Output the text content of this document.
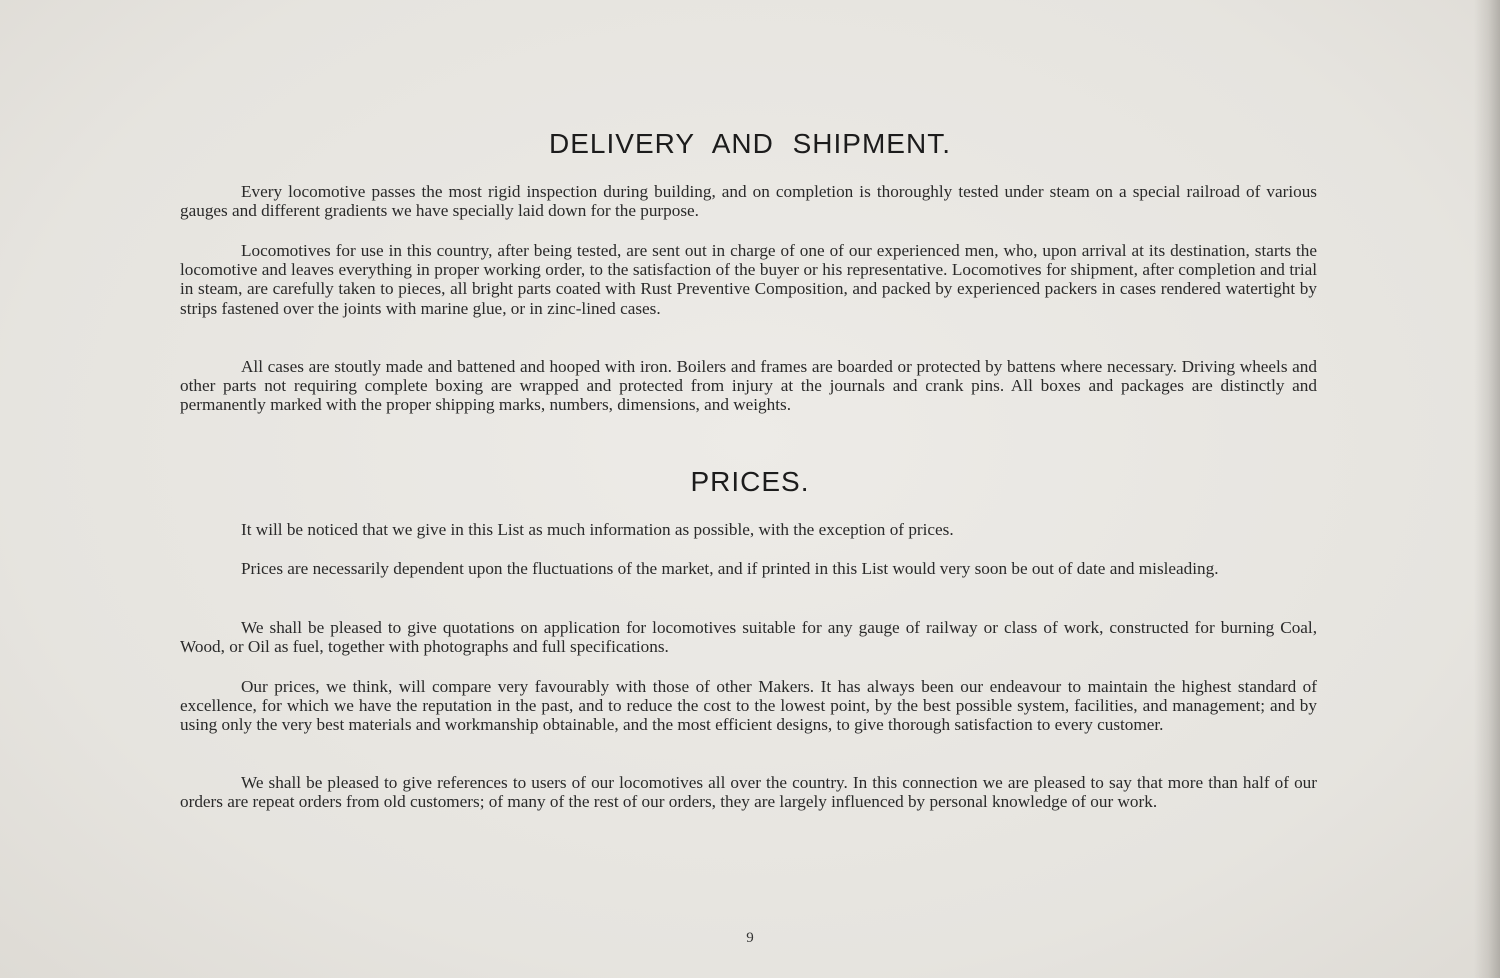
DELIVERY AND SHIPMENT.

Every locomotive passes the most rigid inspection during building, and on completion is thoroughly tested under steam on a special railroad of various gauges and different gradients we have specially laid down for the purpose.

Locomotives for use in this country, after being tested, are sent out in charge of one of our experienced men, who, upon arrival at its destination, starts the locomotive and leaves everything in proper working order, to the satisfaction of the buyer or his representative. Locomotives for shipment, after completion and trial in steam, are carefully taken to pieces, all bright parts coated with Rust Preventive Composition, and packed by experienced packers in cases rendered watertight by strips fastened over the joints with marine glue, or in zinc-lined cases.

All cases are stoutly made and battened and hooped with iron. Boilers and frames are boarded or protected by battens where necessary. Driving wheels and other parts not requiring complete boxing are wrapped and protected from injury at the journals and crank pins. All boxes and packages are distinctly and permanently marked with the proper shipping marks, numbers, dimensions, and weights.

PRICES.

It will be noticed that we give in this List as much information as possible, with the exception of prices.

Prices are necessarily dependent upon the fluctuations of the market, and if printed in this List would very soon be out of date and misleading.

We shall be pleased to give quotations on application for locomotives suitable for any gauge of railway or class of work, constructed for burning Coal, Wood, or Oil as fuel, together with photographs and full specifications.

Our prices, we think, will compare very favourably with those of other Makers. It has always been our endeavour to maintain the highest standard of excellence, for which we have the reputation in the past, and to reduce the cost to the lowest point, by the best possible system, facilities, and management; and by using only the very best materials and workmanship obtainable, and the most efficient designs, to give thorough satisfaction to every customer.

We shall be pleased to give references to users of our locomotives all over the country. In this connection we are pleased to say that more than half of our orders are repeat orders from old customers; of many of the rest of our orders, they are largely influenced by personal knowledge of our work.

9
